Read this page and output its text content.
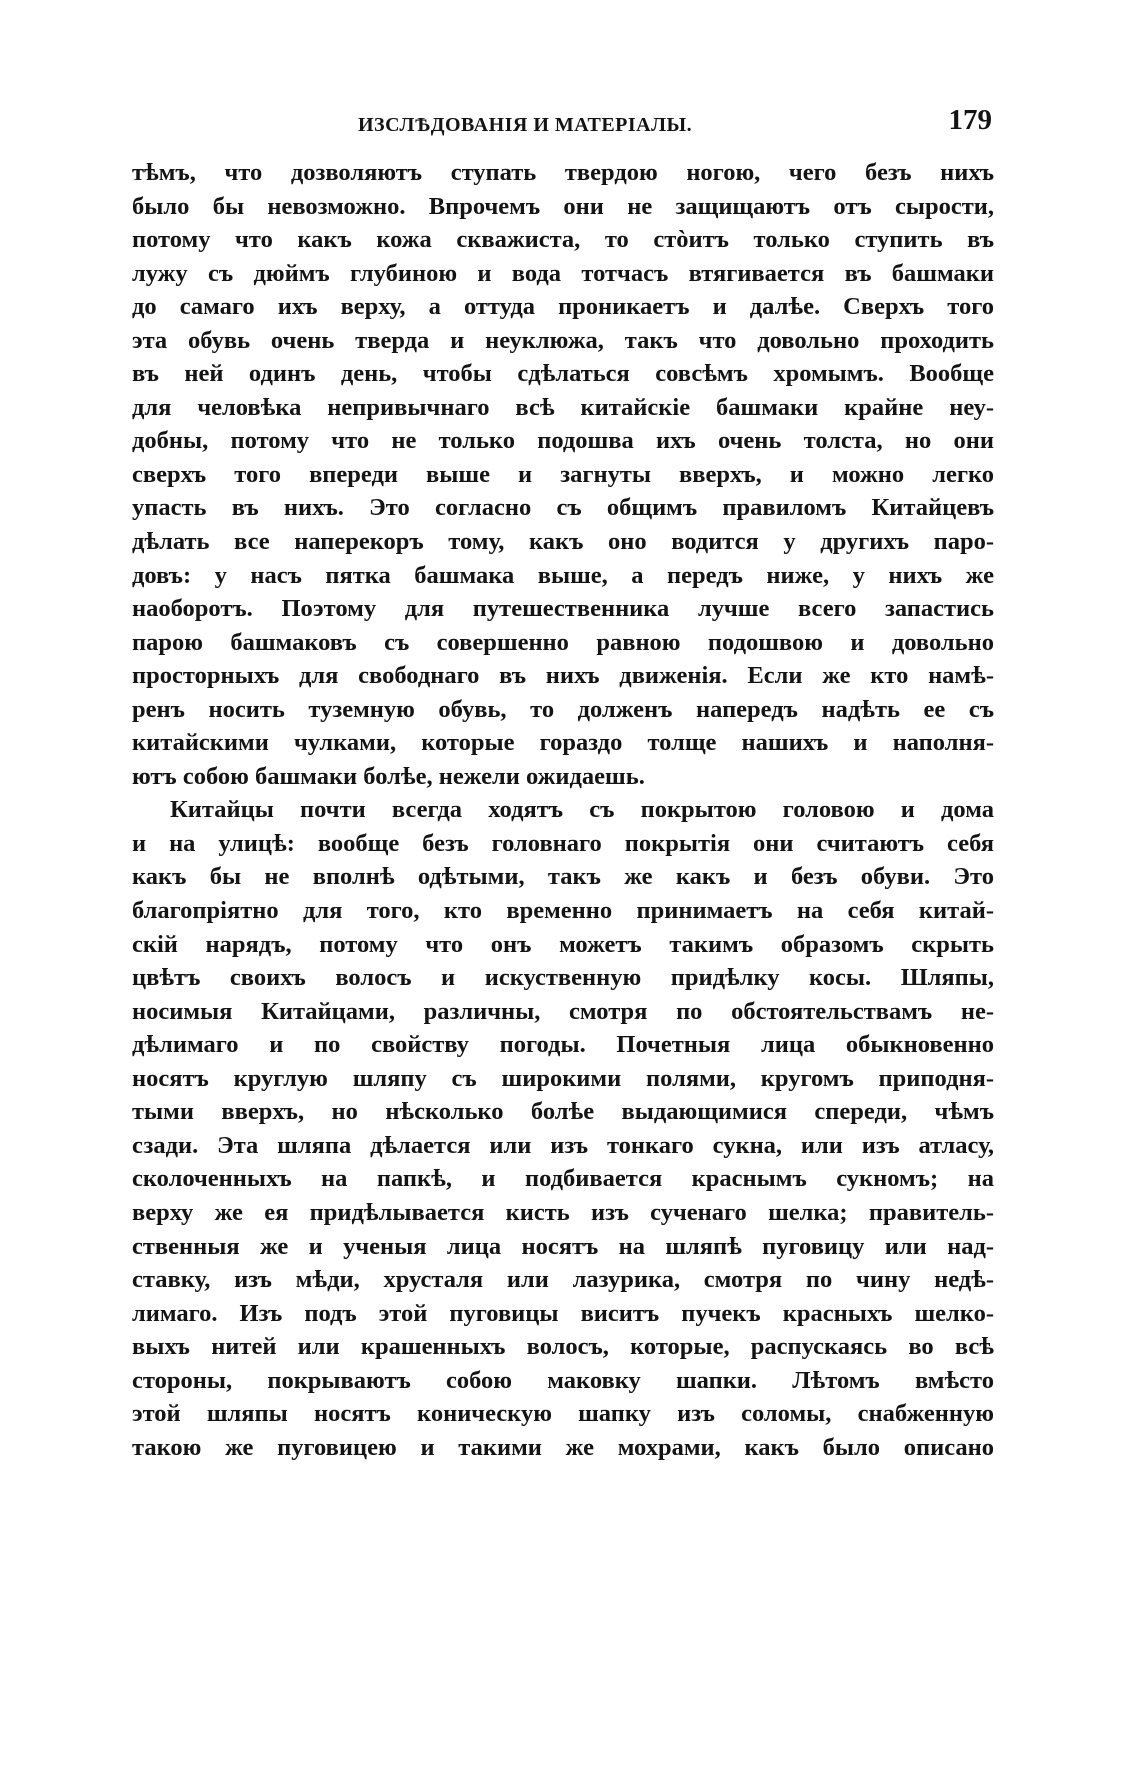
ИЗСЛѢДОВАНІЯ И МАТЕРІАЛЫ.	179
тѣмъ, что дозволяютъ ступать твердою ногою, чего безъ нихъ
было бы невозможно. Впрочемъ они не защищаютъ отъ сырости,
потому что какъ кожа скважиста, то стòитъ только ступить въ
лужу съ дюймъ глубиною и вода тотчасъ втягивается въ башмаки
до самаго ихъ верху, а оттуда проникаетъ и далѣе. Сверхъ того
эта обувь очень тверда и неуклюжа, такъ что довольно проходить
въ ней одинъ день, чтобы сдѣлаться совсѣмъ хромымъ. Вообще
для человѣка непривычнаго всѣ китайскіе башмаки крайне неу-
добны, потому что не только подошва ихъ очень толста, но они
сверхъ того впереди выше и загнуты вверхъ, и можно легко
упасть въ нихъ. Это согласно съ общимъ правиломъ Китайцевъ
дѣлать все наперекоръ тому, какъ оно водится у другихъ паро-
довъ: у насъ пятка башмака выше, а передъ ниже, у нихъ же
наоборотъ. Поэтому для путешественника лучше всего запастись
парою башмаковъ съ совершенно равною подошвою и довольно
просторныхъ для свободнаго въ нихъ движенія. Если же кто намѣ-
ренъ носить туземную обувь, то долженъ напередъ надѣть ее съ
китайскими чулками, которые гораздо толще нашихъ и наполня-
ютъ собою башмаки болѣе, нежели ожидаешь.
Китайцы почти всегда ходятъ съ покрытою головою и дома
и на улицѣ: вообще безъ головнаго покрытія они считаютъ себя
какъ бы не вполнѣ одѣтыми, такъ же какъ и безъ обуви. Это
благопріятно для того, кто временно принимаетъ на себя китай-
скій нарядъ, потому что онъ можетъ такимъ образомъ скрыть
цвѣтъ своихъ волосъ и искуственную придѣлку косы. Шляпы,
носимыя Китайцами, различны, смотря по обстоятельствамъ не-
дѣлимаго и по свойству погоды. Почетныя лица обыкновенно
носятъ круглую шляпу съ широкими полями, кругомъ приподня-
тыми вверхъ, но нѣсколько болѣе выдающимися спереди, чѣмъ
сзади. Эта шляпа дѣлается или изъ тонкаго сукна, или изъ атласу,
сколоченныхъ на папкѣ, и подбивается краснымъ сукномъ; на
верху же ея придѣлывается кисть изъ сученаго шелка; правитель-
ственныя же и ученыя лица носятъ на шляпѣ пуговицу или над-
ставку, изъ мѣди, хрусталя или лазурика, смотря по чину недѣ-
лимаго. Изъ подъ этой пуговицы виситъ пучекъ красныхъ шелко-
выхъ нитей или крашенныхъ волосъ, которые, распускаясь во всѣ
стороны, покрываютъ собою маковку шапки. Лѣтомъ вмѣсто
этой шляпы носятъ коническую шапку изъ соломы, снабженную
такою же пуговицею и такими же мохрами, какъ было описано
